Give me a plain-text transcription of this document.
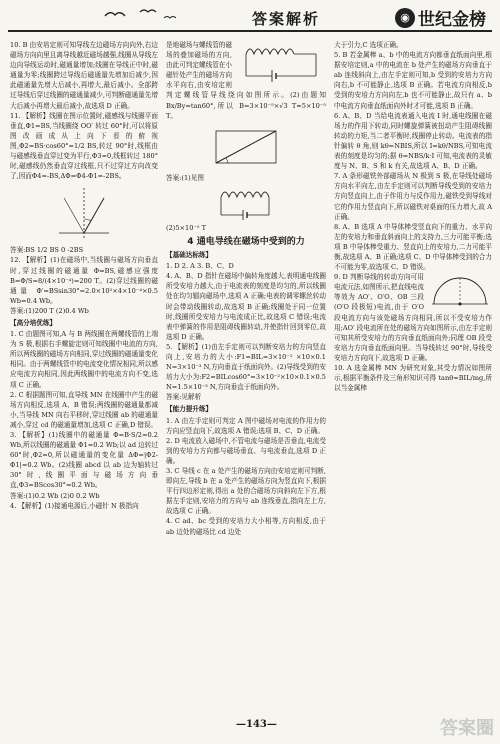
答案解析	◉ 世纪金榜

10. B 由安培定则可知导线左边磁场方向向外,右边磁场方向向里且离导线越近磁场越强,线圈从导线左边向导线运动时,磁通量增加;线圈在导线正中时,磁通量为零;线圈跨过导线后磁通量先增加后减少,因此磁通量先增大后减小,再增大,最后减小。全部跨过导线后穿过线圈的磁通量减少,可判断磁通量先增大后减小再增大最后减小,故选项 D 正确。

11. 【解析】线圈在图示位置时,磁感线与线圈平面垂直,Φ1=BS,当线圈绕 OO′ 转过 60°时,可以将原图改画成从上向下看的俯视图,Φ2=BS·cos60°=1/2 BS,转过 90°时,线框由与磁感线垂直穿过变为平行,Φ3=0,线框转过 180°时,磁感线仍然垂直穿过线框,只不过穿过方向改变了,因而Φ4=-BS,ΔΦ=Φ4-Φ1=-2BS。

答案:BS 1/2 BS 0 -2BS

12. 【解析】(1)在磁场中,当线圈与磁场方向垂直时,穿过线圈的磁通量 Φ=BS,磁感应强度 B=Φ/S=8/(4×10⁻⁴)=200 T。(2)穿过线圈的磁通量 Φ′=BSsin30°=2.0×10²×4×10⁻⁴×0.5 Wb=0.4 Wb。

答案:(1)200 T (2)0.4 Wb

【高分培优练】

1. C 由题图可知,A 与 B 两线圈在两螺线管的上端为 S 极,根据右手螺旋定则可知线圈中电流的方向,所以两线圈的磁场方向相同,穿过线圈的磁通量变化相同。由于两螺线管中的电流变化情况相同,所以感应电流方向相同,因此两线圈中的电流方向不变,选项 C 正确。

2. C 根据题图可知,直导线 MN 在线圈中产生的磁场方向相反,选项 A、B 错误;两线圈的磁通量都减小,当导线 MN 向右平移时,穿过线圈 ab 的磁通量减小,穿过 cd 的磁通量增加,选项 C 正确,D 错误。

3. 【解析】(1)线圈中的磁通量 Φ=B·S/2=0.2 Wb,所以线圈的磁通量 Φ1=0.2 Wb;以 ad 边转过 60°时,Φ2=0,所以磁通量的变化量 ΔΦ=|Φ2-Φ1|=0.2 Wb。(2)线圈 abcd 以 ab 边为轴转过 30°时,线圈平面与磁场方向垂直,Φ3=BScos30°=0.2 Wb。

答案:(1)0.2 Wb (2)0 0.2 Wb

4. 【解析】(1)接通电源后,小磁针 N 极指向

是地磁场与螺线管的磁场的叠加磁场的方向,由此可判定螺线管在小磁针处产生的磁场方向水平向右,由安培定则判定螺线管导线绕向如图所示。(2)由题知 Bx/By=tan60°,所以 B=3×10⁻⁵×√3 T≈5×10⁻⁵ T。

答案:(1)见图

(2)5×10⁻⁵ T

4 通电导线在磁场中受到的力
【基础达标练】

1. D 2. A 3. B、C、D

4. A、B、D 指针在磁场中偏转角度越大,表明通电线圈所受安培力越大,由于电流表的刻度是均匀的,所以线圈处在均匀辐向磁场中,选项 A 正确;电表的调零螺丝转动时会带动线圈转动,故选项 B 正确;线圈处于同一位置时,线圈所受安培力与电流成正比,故选项 C 错误;电流表中弹簧的作用是阻碍线圈转动,并使指针回到零位,故选项 D 正确。

5. 【解析】(1)由左手定则可以判断安培力的方向竖直向上,安培力的大小:F1=BIL=3×10⁻² ×10×0.1 N=3×10⁻³ N,方向垂直于纸面向外。(2)导线受到的安培力大小为:F2=BILcos60°=3×10⁻²×10×0.1×0.5 N=1.5×10⁻³ N,方向垂直于纸面向外。

答案:见解析

【能力提升练】

1. A 由左手定则可判定 A 图中磁场对电流的作用力的方向应竖直向下,故选项 A 错误;选项 B、C、D 正确。

2. D 电流放入磁场中,不管电流与磁场是否垂直,电流受到的安培力方向都与磁场垂直、与电流垂直,选项 D 正确。

3. C 导线 c 在 a 处产生的磁场方向由安培定则可判断,即向左,导线 b 在 a 处产生的磁场方向为竖直向下,根据平行四边形定则,得出 a 处的合磁场方向斜向左下方,根据左手定则,安培力的方向与 ab 连线垂直,指向左上方,故选项 C 正确。

4. C ad、bc 受到的安培力大小相等,方向相反,由于 ab 边处的磁场比 cd 边处

大于引力,C 选项正确。

5. B 若金属棒 a、b 中的电流方向都垂直纸面向里,根据安培定则,a 中的电流在 b 处产生的磁场方向垂直于 ab 连线斜向上,由左手定则可知,b 受到的安培力方向向右,b 不可能静止,选项 B 正确。若电流方向相反,b 受到的安培力方向向左,b 也不可能静止,故只有 a、b 中电流方向垂直纸面向外时才可能,选项 B 正确。

6. A、B、D 当给电流表通入电流 I 时,通电线圈在磁场力的作用下转动,同时螺旋弹簧被扭动产生阻碍线圈转动的力矩,当二者平衡时,线圈停止转动。电流表的指针偏转 θ 角,则 kθ=NBIS,所以 I=kθ/NBS,可知电流表的刻度是均匀的;据 θ=NBS/k·I 可知,电流表的灵敏度与 N、B、S 和 k 有关,故选项 A、B、D 正确。

7. A 条形磁铁外部磁场从 N 极到 S 极,在导线处磁场方向水平向左,由左手定则可以判断导线受到的安培力方向竖直向上,由于作用力与反作用力,磁铁受到导线对它的作用力竖直向下,所以磁铁对桌面的压力增大,故 A 正确。

8. A、B 选项 A 中导体棒受竖直向下的重力、水平向左的安培力和垂直斜面向上的支持力,三力可能平衡;选项 B 中导体棒受重力、竖直向上的安培力,二力可能平衡,故选项 A、B 正确;选项 C、D 中导体棒受到的合力不可能为零,故选项 C、D 错误。

9. D 判断导线的转动方向可用电流元法,如图所示,把直线电流等效为 AO′、O′O、OB 三段(O′O 段极短)电流,由于 O′O 段电流方向与该处磁场方向相同,所以不受安培力作用;AO′ 段电流所在处的磁场方向如图所示,由左手定则可知其所受安培力的方向垂直纸面向外;同理 OB 段受安培力方向垂直纸面向里。当导线转过 90°时,导线受安培力方向向下,故选项 D 正确。

10. A 选金属棒 MN 为研究对象,其受力情况如图所示,根据平衡条件及三角形知识可得 tanθ=BIL/mg,所以当金属棒

—143—	答案圈
